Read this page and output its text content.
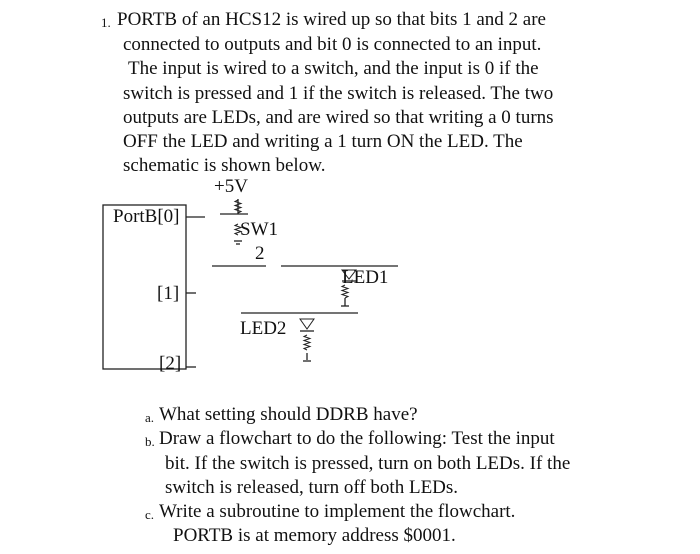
1. PORTB of an HCS12 is wired up so that bits 1 and 2 are
connected to outputs and bit 0 is connected to an input.
The input is wired to a switch, and the input is 0 if the
switch is pressed and 1 if the switch is released. The two
outputs are LEDs, and are wired so that writing a 0 turns
OFF the LED and writing a 1 turn ON the LED. The
schematic is shown below.
+5V
PortB[0]
SW1
2
LED1
[1]
LED2
[2]
a. What setting should DDRB have?
b. Draw a flowchart to do the following: Test the input
bit. If the switch is pressed, turn on both LEDs. If the
switch is released, turn off both LEDs.
c. Write a subroutine to implement the flowchart.
PORTB is at memory address $0001.
